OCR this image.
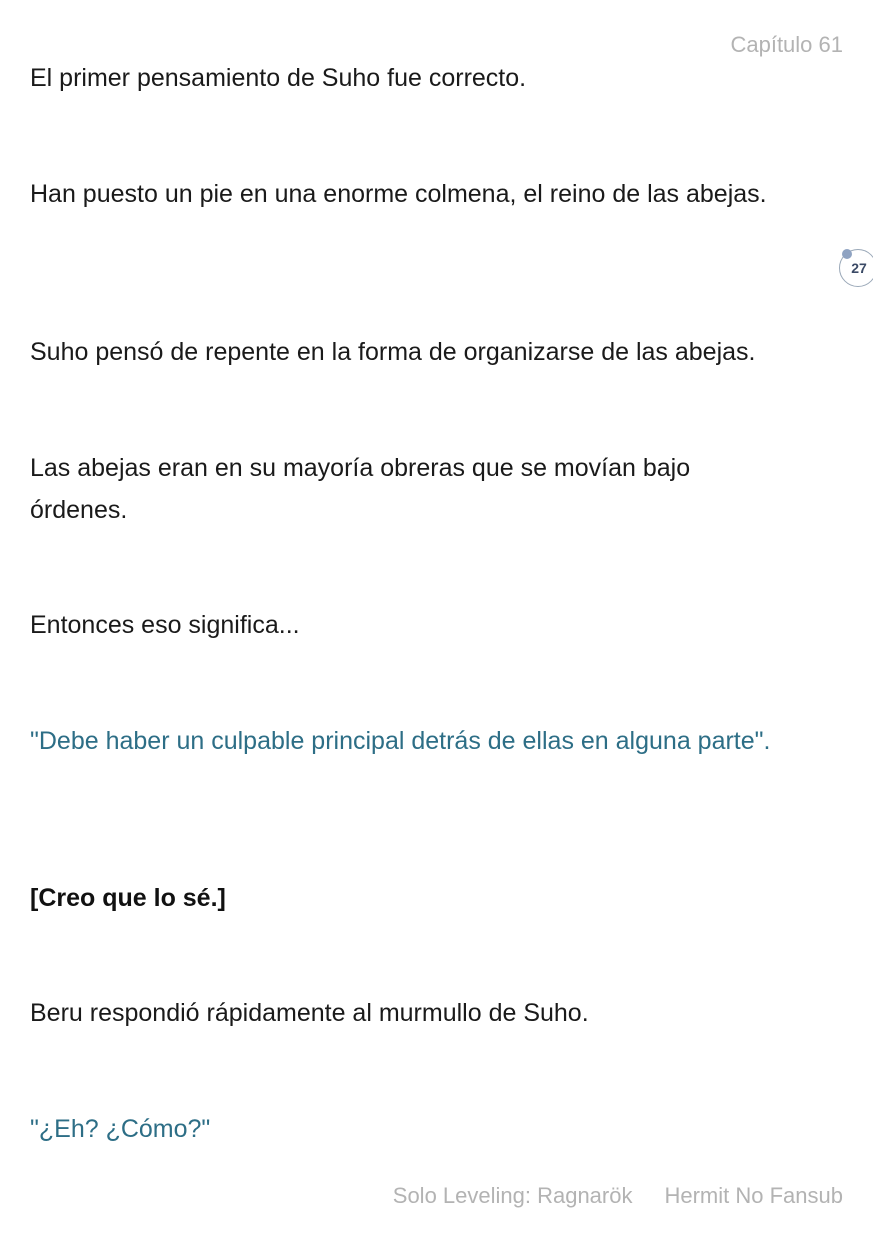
Capítulo 61

El primer pensamiento de Suho fue correcto.

Han puesto un pie en una enorme colmena, el reino de las abejas.

27

Suho pensó de repente en la forma de organizarse de las abejas.

Las abejas eran en su mayoría obreras que se movían bajo órdenes.

Entonces eso significa...

"Debe haber un culpable principal detrás de ellas en alguna parte".

[Creo que lo sé.]

Beru respondió rápidamente al murmullo de Suho.

"¿Eh? ¿Cómo?"

Solo Leveling: Ragnarök Hermit No Fansub
